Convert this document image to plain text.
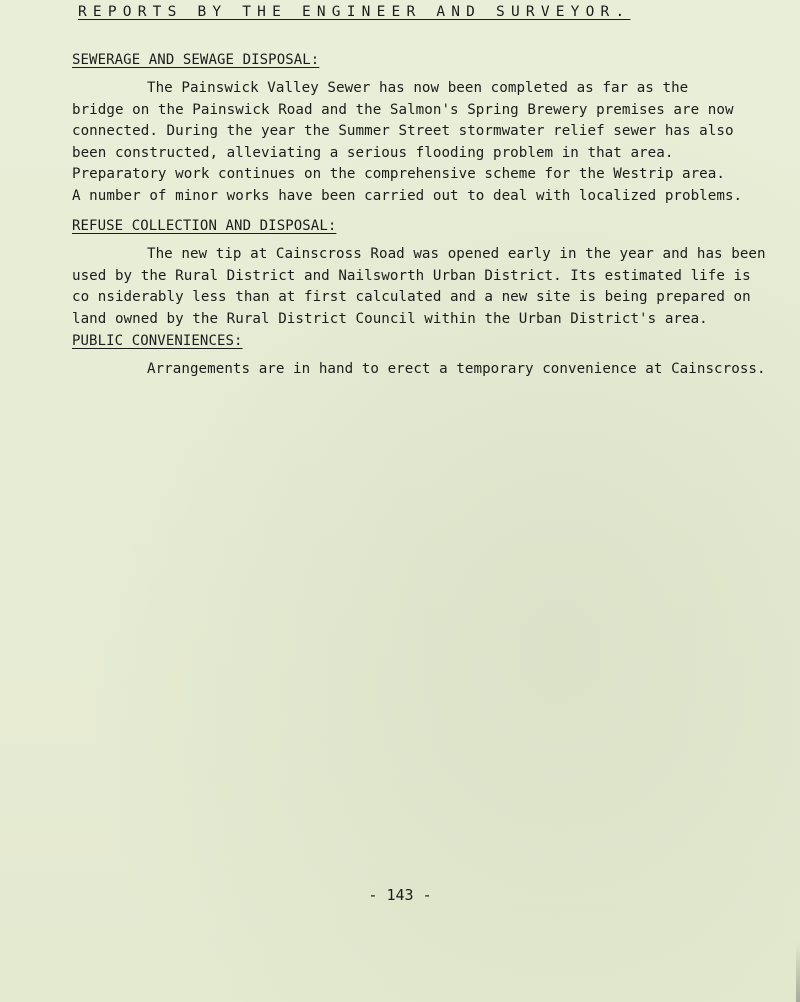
REPORTS BY THE ENGINEER AND SURVEYOR.
SEWERAGE AND SEWAGE DISPOSAL:
The Painswick Valley Sewer has now been completed as far as the
bridge on the Painswick Road and the Salmon's Spring Brewery premises are now
connected. During the year the Summer Street stormwater relief sewer has also
been constructed, alleviating a serious flooding problem in that area.
Preparatory work continues on the comprehensive scheme for the Westrip area.
A number of minor works have been carried out to deal with localized problems.
REFUSE COLLECTION AND DISPOSAL:
The new tip at Cainscross Road was opened early in the year and has been
used by the Rural District and Nailsworth Urban District. Its estimated life is
co nsiderably less than at first calculated and a new site is being prepared on
land owned by the Rural District Council within the Urban District's area.
PUBLIC CONVENIENCES:
Arrangements are in hand to erect a temporary convenience at Cainscross.
- 143 -
